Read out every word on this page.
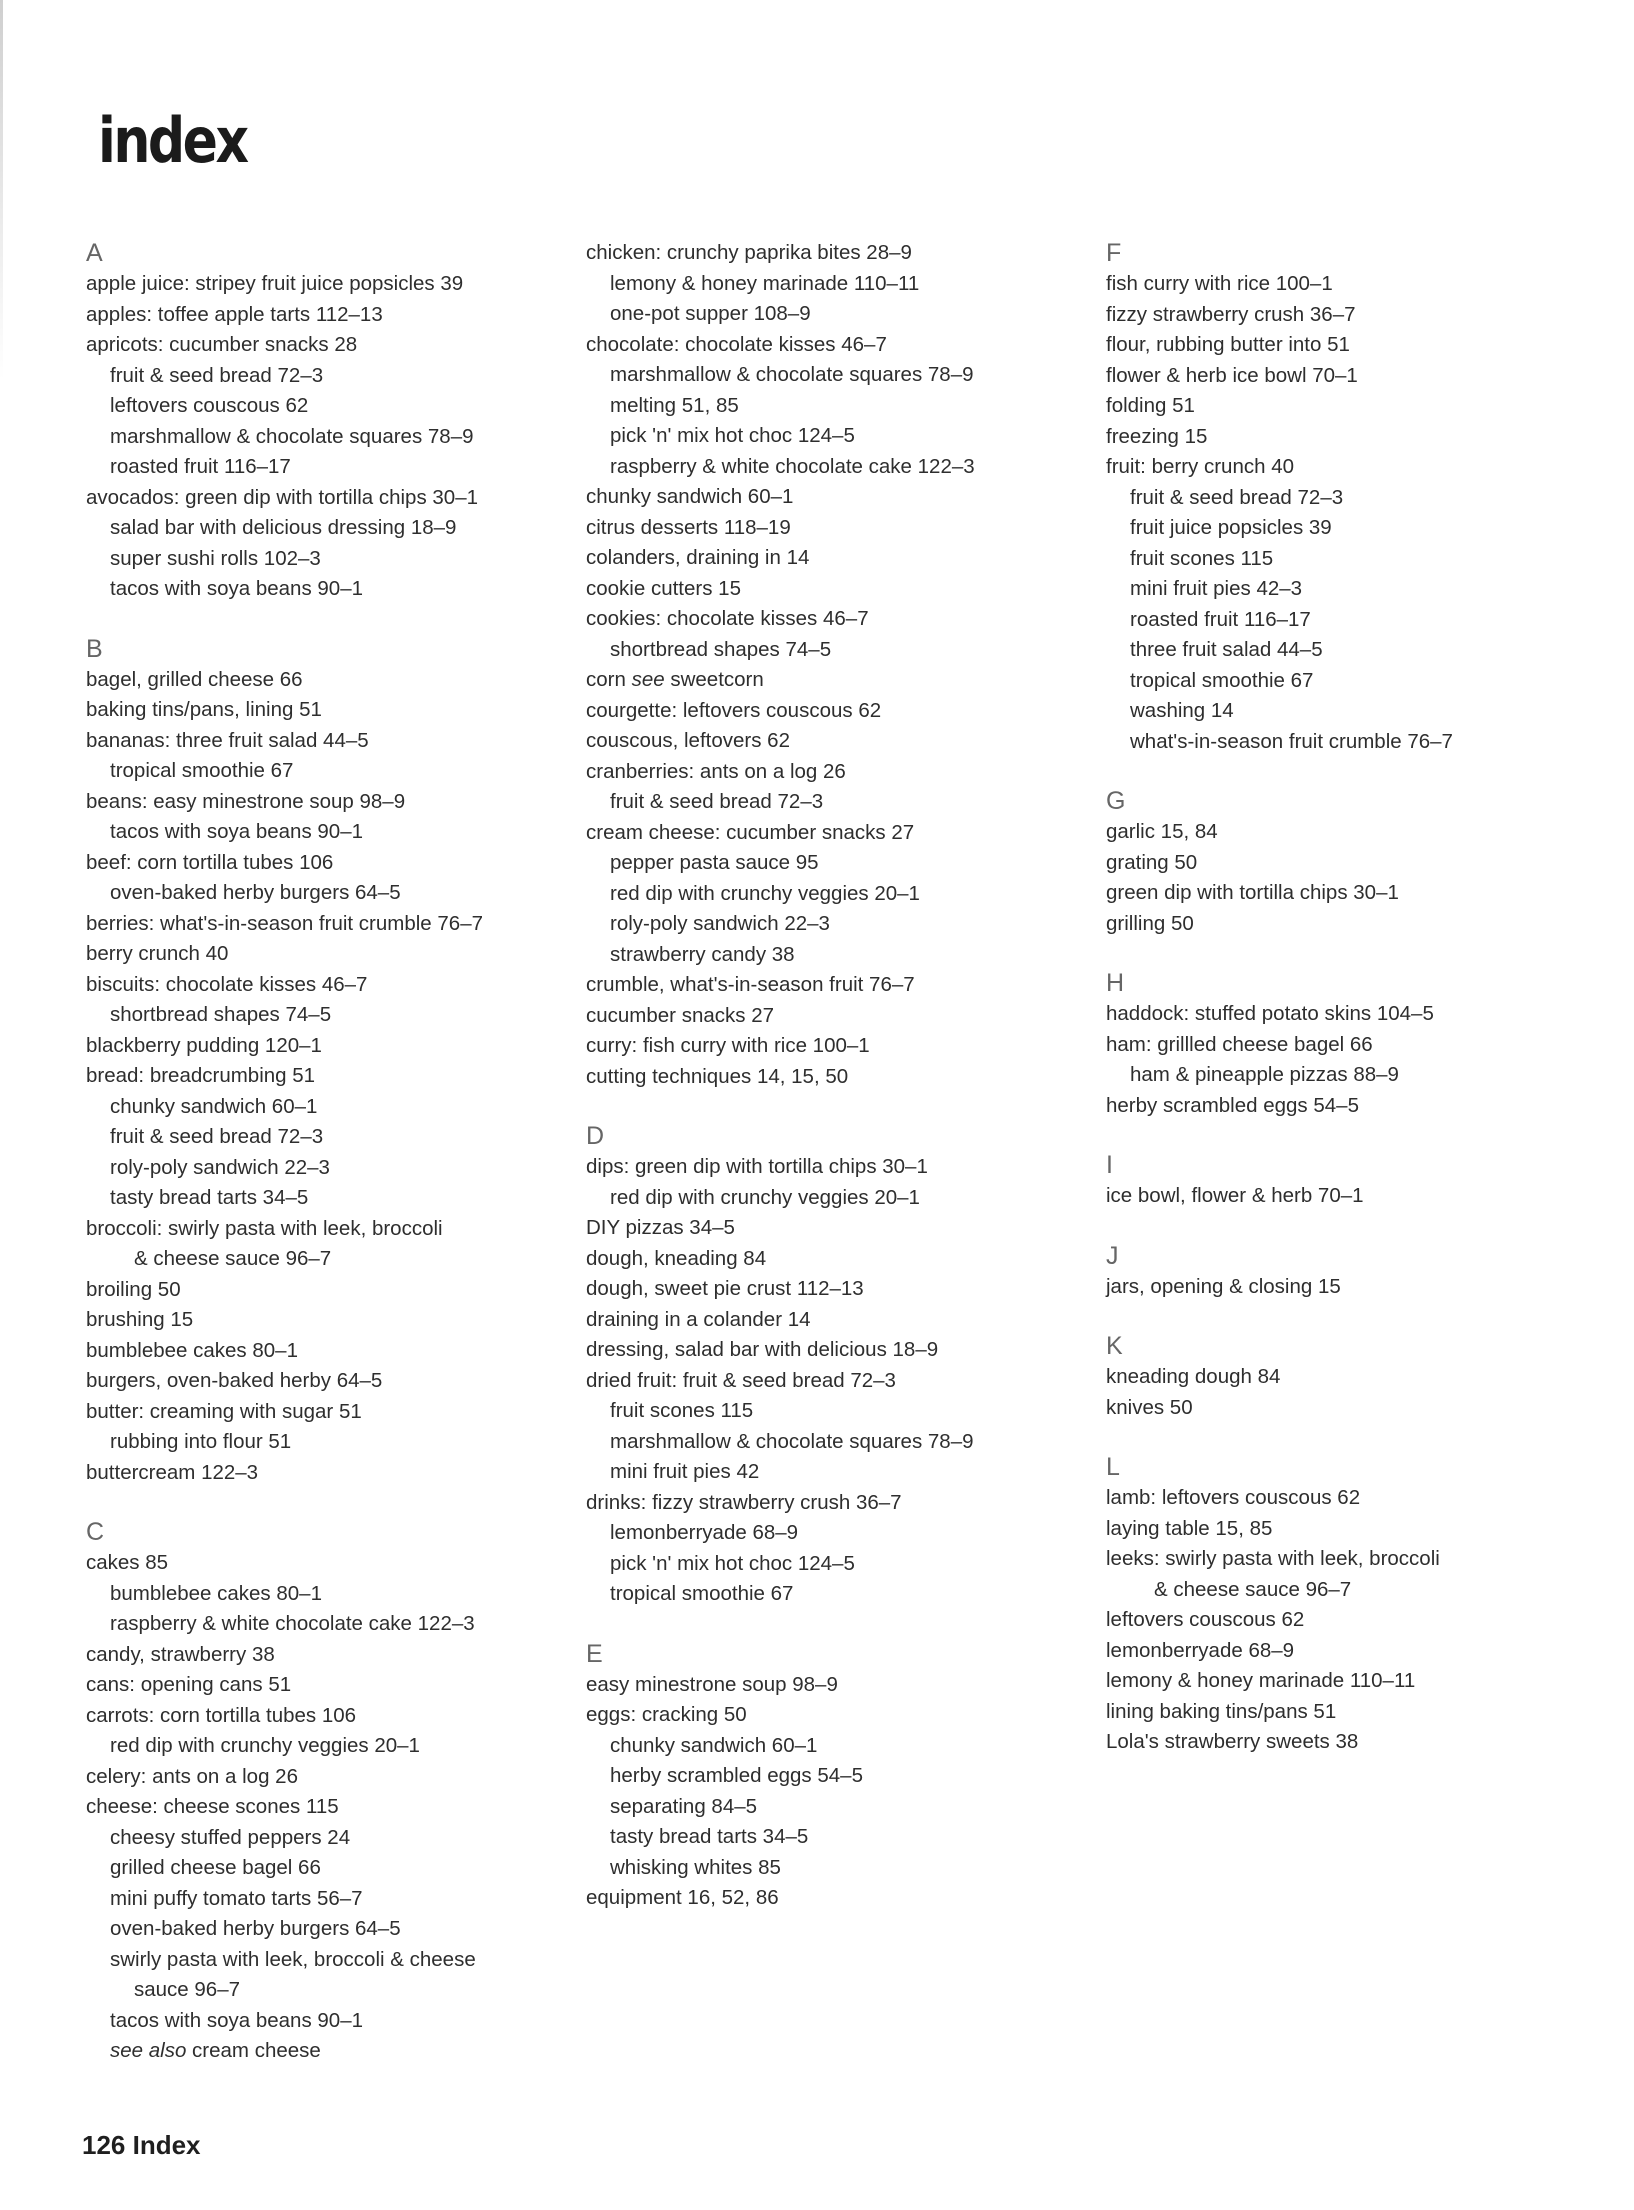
index
A
apple juice: stripey fruit juice popsicles 39
apples: toffee apple tarts 112–13
apricots: cucumber snacks 28
fruit & seed bread 72–3
leftovers couscous 62
marshmallow & chocolate squares 78–9
roasted fruit 116–17
avocados: green dip with tortilla chips 30–1
salad bar with delicious dressing 18–9
super sushi rolls 102–3
tacos with soya beans 90–1
B
bagel, grilled cheese 66
baking tins/pans, lining 51
bananas: three fruit salad 44–5
tropical smoothie 67
beans: easy minestrone soup 98–9
tacos with soya beans 90–1
beef: corn tortilla tubes 106
oven-baked herby burgers 64–5
berries: what's-in-season fruit crumble 76–7
berry crunch 40
biscuits: chocolate kisses 46–7
shortbread shapes 74–5
blackberry pudding 120–1
bread: breadcrumbing 51
chunky sandwich 60–1
fruit & seed bread 72–3
roly-poly sandwich 22–3
tasty bread tarts 34–5
broccoli: swirly pasta with leek, broccoli
& cheese sauce 96–7
broiling 50
brushing 15
bumblebee cakes 80–1
burgers, oven-baked herby 64–5
butter: creaming with sugar 51
rubbing into flour 51
buttercream 122–3
C
cakes 85
bumblebee cakes 80–1
raspberry & white chocolate cake 122–3
candy, strawberry 38
cans: opening cans 51
carrots: corn tortilla tubes 106
red dip with crunchy veggies 20–1
celery: ants on a log 26
cheese: cheese scones 115
cheesy stuffed peppers 24
grilled cheese bagel 66
mini puffy tomato tarts 56–7
oven-baked herby burgers 64–5
swirly pasta with leek, broccoli & cheese
sauce 96–7
tacos with soya beans 90–1
see also cream cheese
chicken: crunchy paprika bites 28–9
lemony & honey marinade 110–11
one-pot supper 108–9
chocolate: chocolate kisses 46–7
marshmallow & chocolate squares 78–9
melting 51, 85
pick 'n' mix hot choc 124–5
raspberry & white chocolate cake 122–3
chunky sandwich 60–1
citrus desserts 118–19
colanders, draining in 14
cookie cutters 15
cookies: chocolate kisses 46–7
shortbread shapes 74–5
corn see sweetcorn
courgette: leftovers couscous 62
couscous, leftovers 62
cranberries: ants on a log 26
fruit & seed bread 72–3
cream cheese: cucumber snacks 27
pepper pasta sauce 95
red dip with crunchy veggies 20–1
roly-poly sandwich 22–3
strawberry candy 38
crumble, what's-in-season fruit 76–7
cucumber snacks 27
curry: fish curry with rice 100–1
cutting techniques 14, 15, 50
D
dips: green dip with tortilla chips 30–1
red dip with crunchy veggies 20–1
DIY pizzas 34–5
dough, kneading 84
dough, sweet pie crust 112–13
draining in a colander 14
dressing, salad bar with delicious 18–9
dried fruit: fruit & seed bread 72–3
fruit scones 115
marshmallow & chocolate squares 78–9
mini fruit pies 42
drinks: fizzy strawberry crush 36–7
lemonberryade 68–9
pick 'n' mix hot choc 124–5
tropical smoothie 67
E
easy minestrone soup 98–9
eggs: cracking 50
chunky sandwich 60–1
herby scrambled eggs 54–5
separating 84–5
tasty bread tarts 34–5
whisking whites 85
equipment 16, 52, 86
F
fish curry with rice 100–1
fizzy strawberry crush 36–7
flour, rubbing butter into 51
flower & herb ice bowl 70–1
folding 51
freezing 15
fruit: berry crunch 40
fruit & seed bread 72–3
fruit juice popsicles 39
fruit scones 115
mini fruit pies 42–3
roasted fruit 116–17
three fruit salad 44–5
tropical smoothie 67
washing 14
what's-in-season fruit crumble 76–7
G
garlic 15, 84
grating 50
green dip with tortilla chips 30–1
grilling 50
H
haddock: stuffed potato skins 104–5
ham: grillled cheese bagel 66
ham & pineapple pizzas 88–9
herby scrambled eggs 54–5
I
ice bowl, flower & herb 70–1
J
jars, opening & closing 15
K
kneading dough 84
knives 50
L
lamb: leftovers couscous 62
laying table 15, 85
leeks: swirly pasta with leek, broccoli
& cheese sauce 96–7
leftovers couscous 62
lemonberryade 68–9
lemony & honey marinade 110–11
lining baking tins/pans 51
Lola's strawberry sweets 38
126 Index
